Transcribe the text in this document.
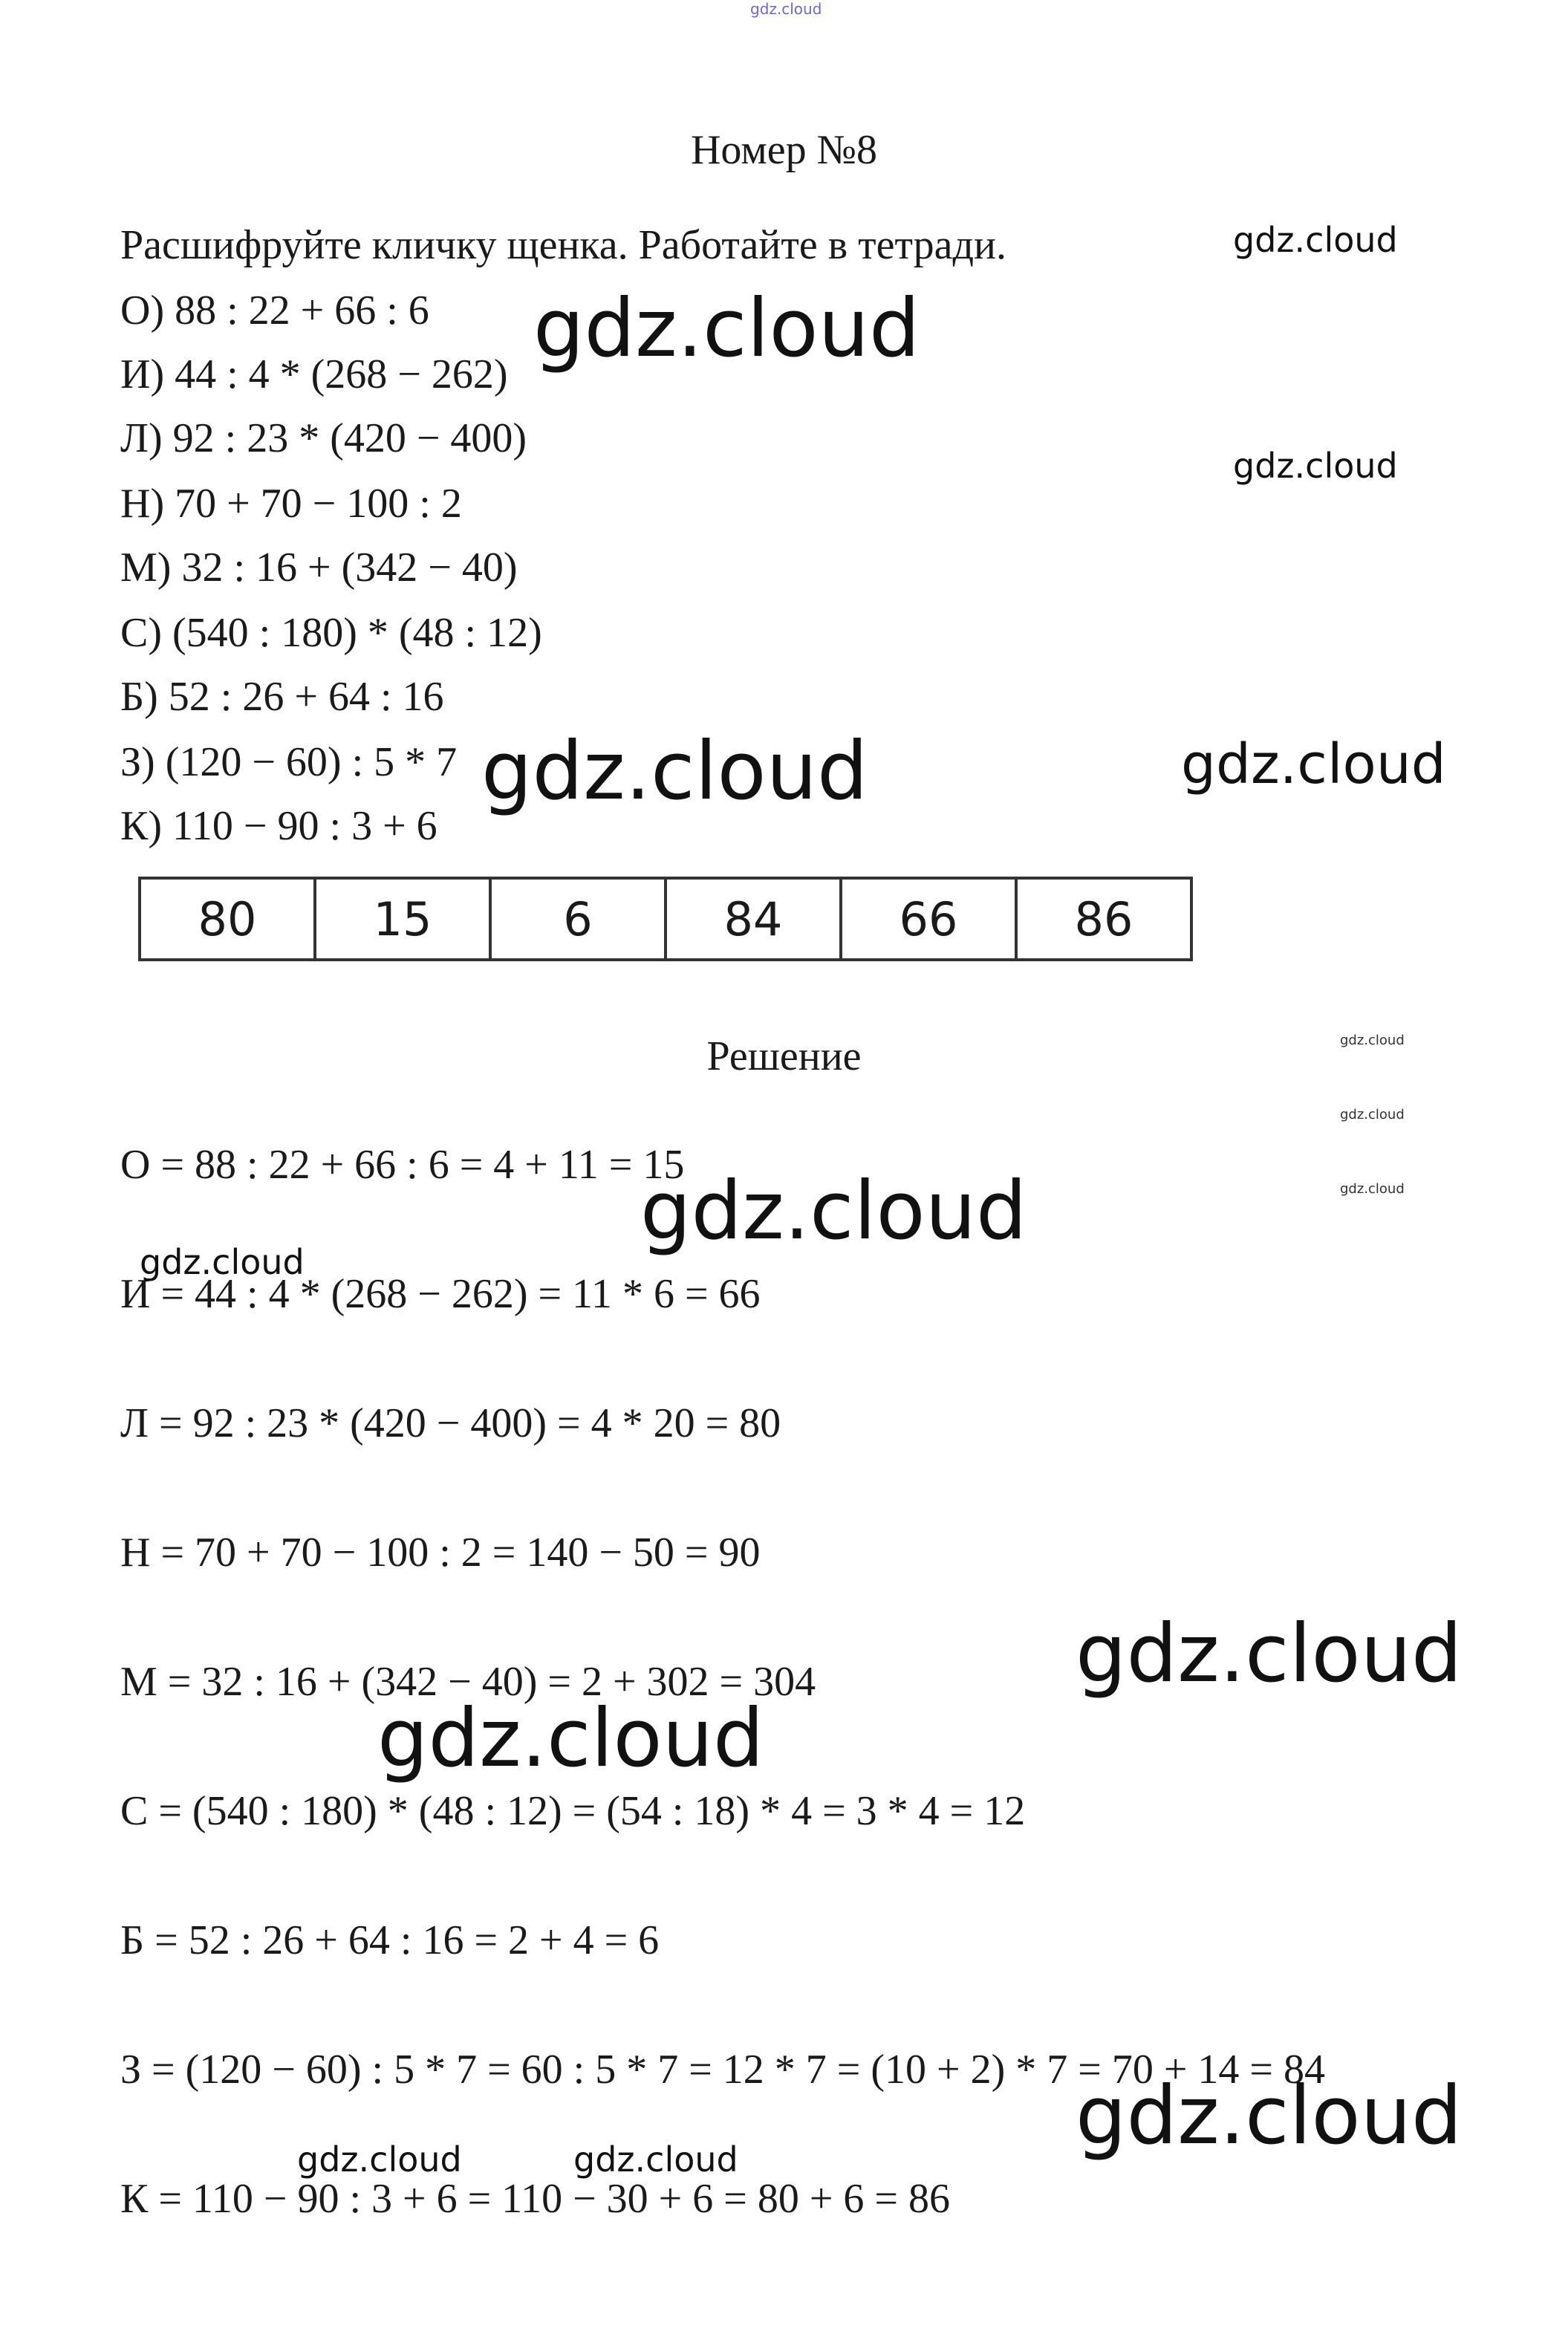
gdz.cloud
Номер №8
Расшифруйте кличку щенка. Работайте в тетради.
О) 88 : 22 + 66 : 6
И) 44 : 4 * (268 − 262)
Л) 92 : 23 * (420 − 400)
Н) 70 + 70 − 100 : 2
М) 32 : 16 + (342 − 40)
С) (540 : 180) * (48 : 12)
Б) 52 : 26 + 64 : 16
З) (120 − 60) : 5 * 7
К) 110 − 90 : 3 + 6
80	15	6	84	66	86
Решение
О = 88 : 22 + 66 : 6 = 4 + 11 = 15
И = 44 : 4 * (268 − 262) = 11 * 6 = 66
Л = 92 : 23 * (420 − 400) = 4 * 20 = 80
Н = 70 + 70 − 100 : 2 = 140 − 50 = 90
М = 32 : 16 + (342 − 40) = 2 + 302 = 304
С = (540 : 180) * (48 : 12) = (54 : 18) * 4 = 3 * 4 = 12
Б = 52 : 26 + 64 : 16 = 2 + 4 = 6
З = (120 − 60) : 5 * 7 = 60 : 5 * 7 = 12 * 7 = (10 + 2) * 7 = 70 + 14 = 84
К = 110 − 90 : 3 + 6 = 110 − 30 + 6 = 80 + 6 = 86
gdz.cloud
gdz.cloud
gdz.cloud
gdz.cloud	gdz.cloud
gdz.cloud
gdz.cloud
gdz.cloud
gdz.cloud
gdz.cloud
gdz.cloud
gdz.cloud
gdz.cloud
gdz.cloud	gdz.cloud
